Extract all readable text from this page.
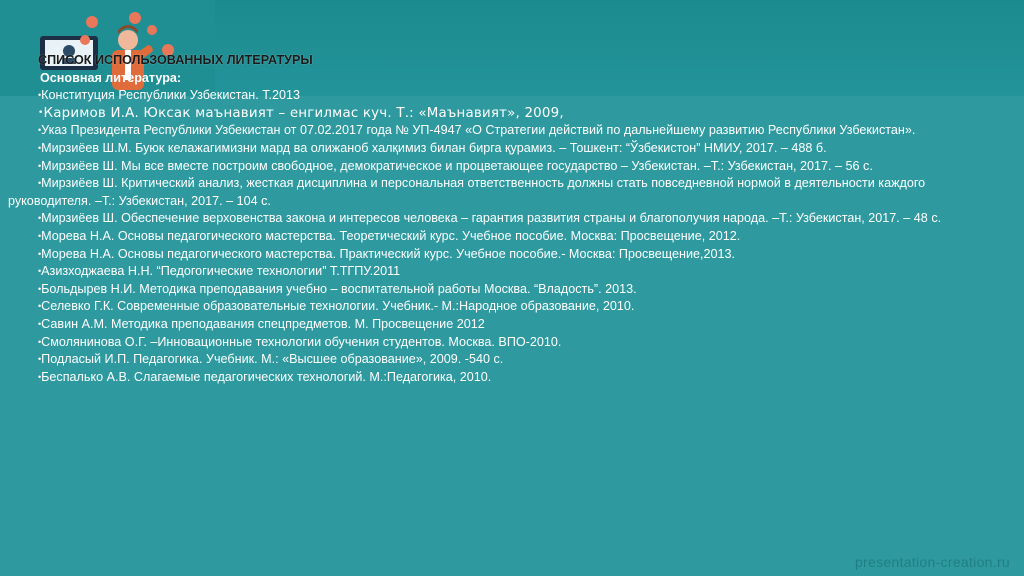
СПИСОК ИСПОЛЬЗОВАННЫХ ЛИТЕРАТУРЫ
Основная литература:
•Конституция Республики Узбекистан. Т.2013
•Каримов И.А. Юксак маънавият – енгилмас куч. Т.: «Маънавият», 2009,
•Указ Президента Республики Узбекистан от 07.02.2017 года № УП-4947 «О Стратегии действий по дальнейшему развитию Республики Узбекистан».
•Мирзиёев Ш.М. Буюк келажагимизни мард ва олижаноб халқимиз билан бирга қурамиз. – Тошкент: “Ўзбекистон” НМИУ, 2017. – 488 б.
•Мирзиёев Ш. Мы все вместе построим свободное, демократическое и процветающее государство – Узбекистан. –Т.: Узбекистан, 2017. – 56 с.
•Мирзиёев Ш. Критический анализ, жесткая дисциплина и персональная ответственность должны стать повседневной нормой в деятельности каждого руководителя. –Т.: Узбекистан, 2017. – 104 с.
•Мирзиёев Ш. Обеспечение верховенства закона и интересов человека – гарантия развития страны и благополучия народа. –Т.: Узбекистан, 2017. – 48 с.
•Морева Н.А. Основы педагогического мастерства. Теоретический курс. Учебное пособие. Москва: Просвещение, 2012.
•Морева Н.А. Основы педагогического мастерства. Практический курс. Учебное пособие.- Москва: Просвещение,2013.
•Азизходжаева Н.Н. “Педогогические технологии” Т.ТГПУ.2011
•Больдырев Н.И. Методика преподавания учебно – воспитательной работы Москва. “Владость”. 2013.
•Селевко Г.К. Современные образовательные технологии. Учебник.- М.:Народное образование, 2010.
•Савин А.М. Методика преподавания спецпредметов. М. Просвещение 2012
•Смолянинова О.Г. –Инновационные технологии обучения студентов. Москва. ВПО-2010.
•Подласый И.П. Педагогика. Учебник. М.: «Высшее образование», 2009. -540 с.
•Беспалько А.В. Слагаемые педагогических технологий. М.:Педагогика, 2010.
presentation-creation.ru
